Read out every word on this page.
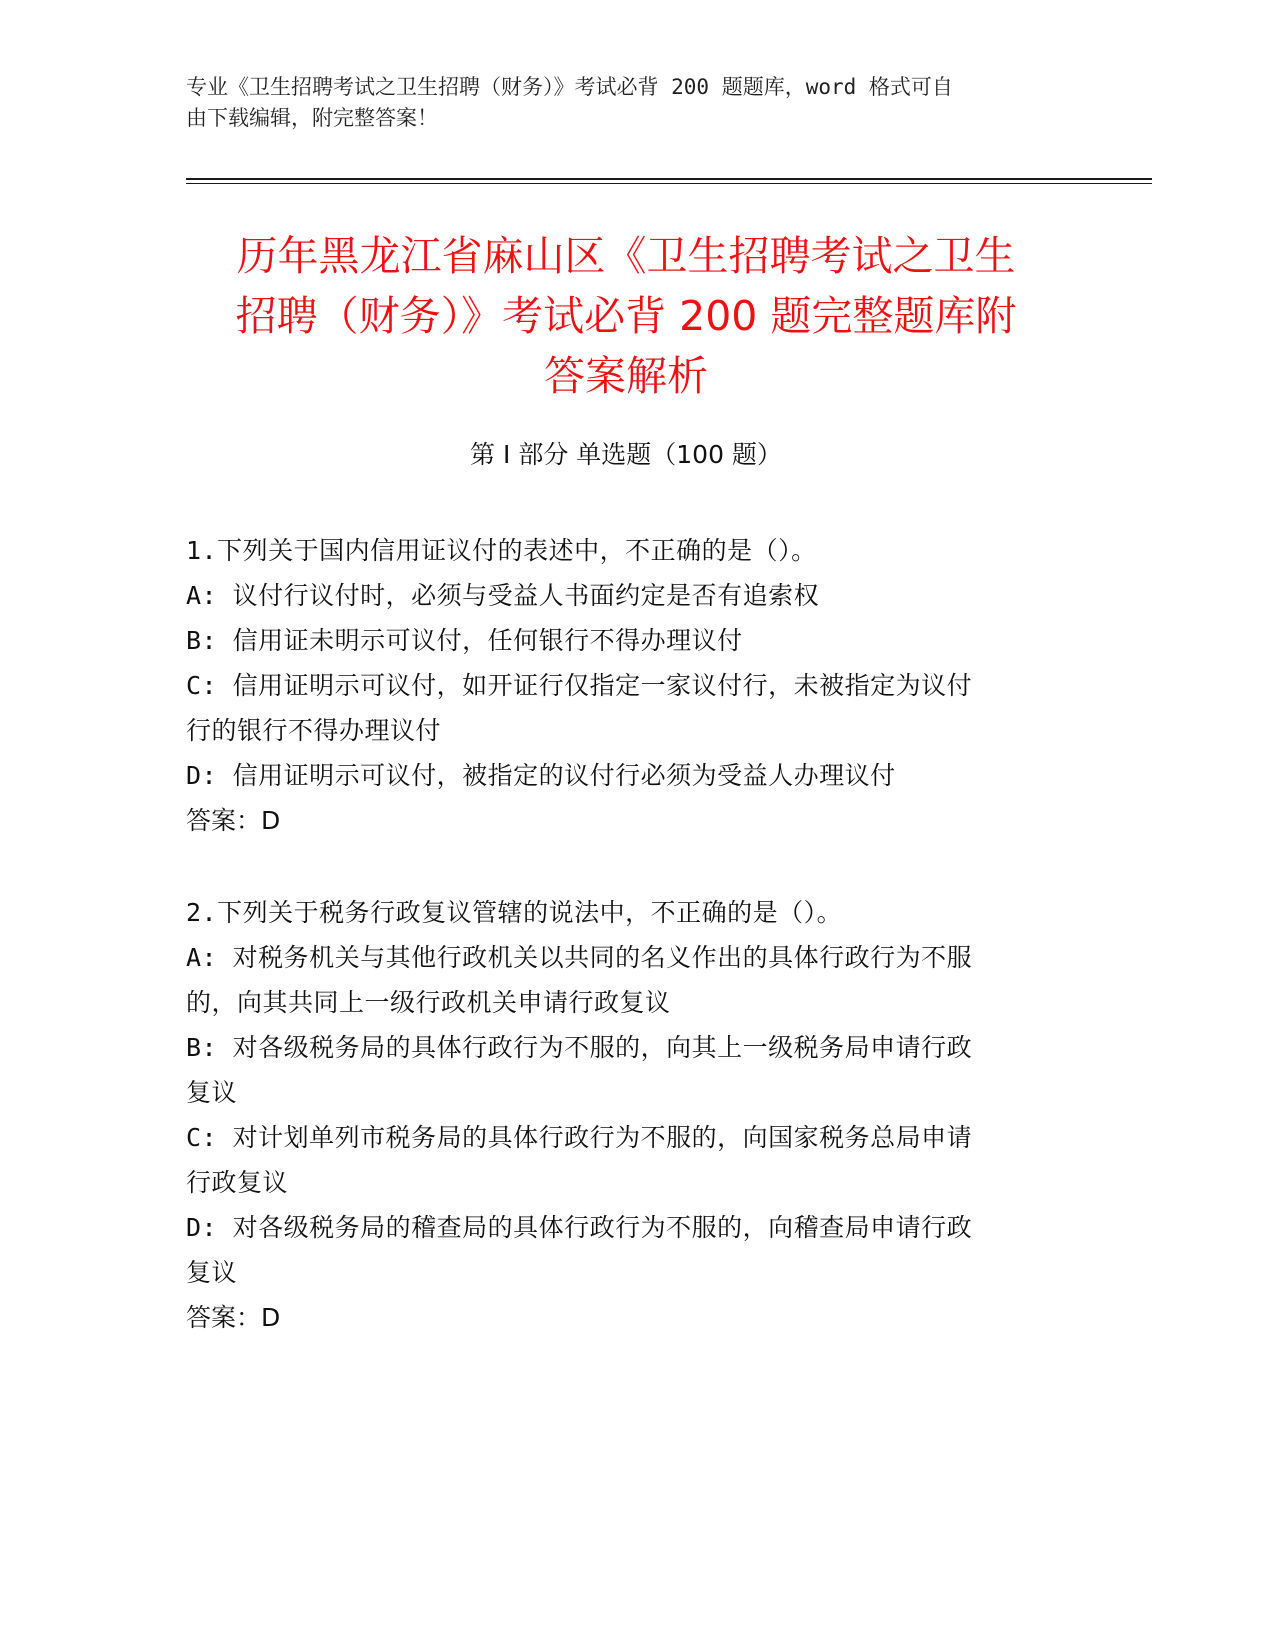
专业《卫生招聘考试之卫生招聘（财务）》考试必背 200 题题库，word 格式可自
由下载编辑，附完整答案！
历年黑龙江省麻山区《卫生招聘考试之卫生
招聘（财务）》考试必背 200 题完整题库附
答案解析
第 I 部分 单选题（100 题）

1.下列关于国内信用证议付的表述中，不正确的是（）。

A: 议付行议付时，必须与受益人书面约定是否有追索权

B: 信用证未明示可议付，任何银行不得办理议付

C: 信用证明示可议付，如开证行仅指定一家议付行，未被指定为议付

行的银行不得办理议付

D: 信用证明示可议付，被指定的议付行必须为受益人办理议付

答案：D

2.下列关于税务行政复议管辖的说法中，不正确的是（）。

A: 对税务机关与其他行政机关以共同的名义作出的具体行政行为不服

的，向其共同上一级行政机关申请行政复议

B: 对各级税务局的具体行政行为不服的，向其上一级税务局申请行政

复议

C: 对计划单列市税务局的具体行政行为不服的，向国家税务总局申请

行政复议

D: 对各级税务局的稽查局的具体行政行为不服的，向稽查局申请行政

复议

答案：D
